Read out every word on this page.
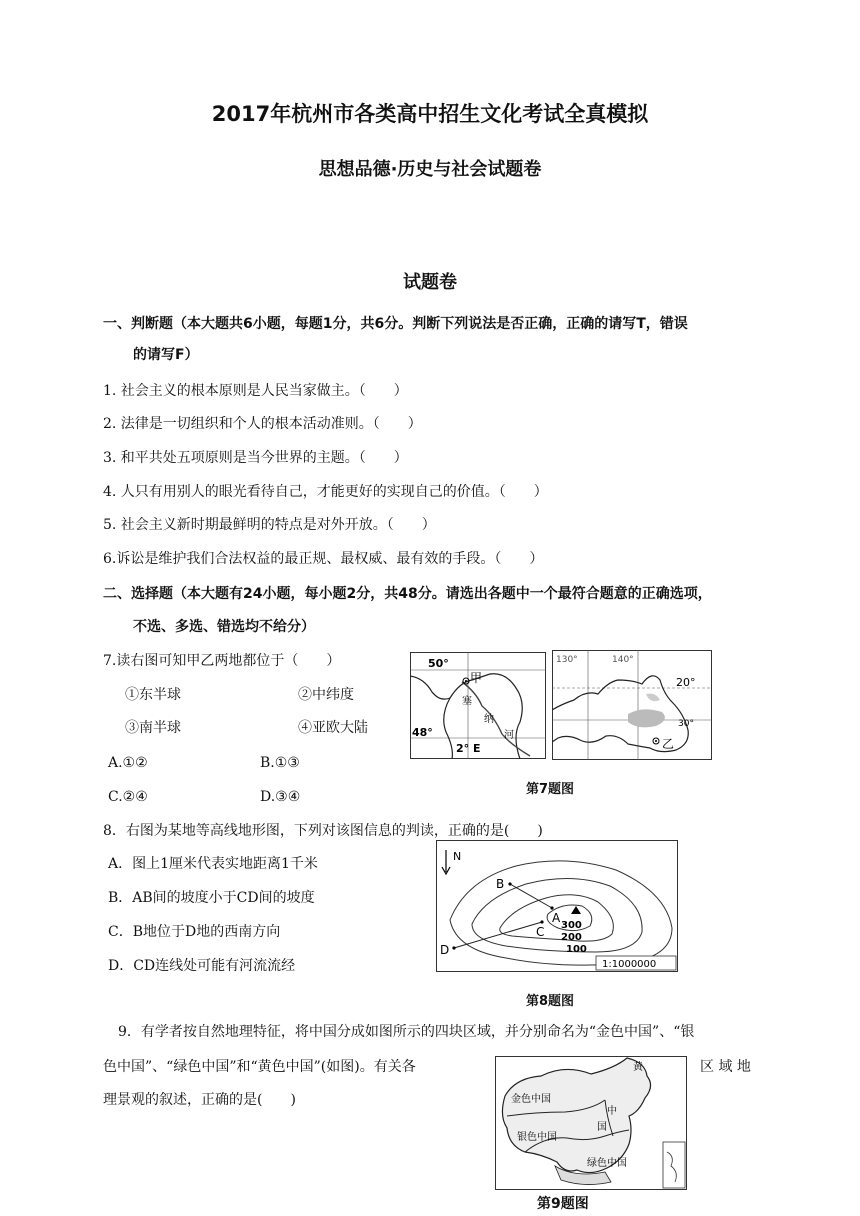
2017年杭州市各类高中招生文化考试全真模拟
思想品德·历史与社会试题卷
试题卷
一、判断题（本大题共6小题，每题1分，共6分。判断下列说法是否正确，正确的请写T，错误
的请写F）
1. 社会主义的根本原则是人民当家做主。（　　）
2. 法律是一切组织和个人的根本活动准则。（　　）
3. 和平共处五项原则是当今世界的主题。（　　）
4. 人只有用别人的眼光看待自己，才能更好的实现自己的价值。（　　）
5. 社会主义新时期最鲜明的特点是对外开放。（　　）
6.诉讼是维护我们合法权益的最正规、最权威、最有效的手段。（　　）
二、选择题（本大题有24小题，每小题2分，共48分。请选出各题中一个最符合题意的正确选项，
不选、多选、错选均不给分）
7.读右图可知甲乙两地都位于（　　）
①东半球	②中纬度
③南半球	④亚欧大陆
A.①②	B.①③
C.②④	D.③④
50°
48°
2° E
甲
塞
纳
河
130°	140°
20°
30°
乙
第7题图
8．右图为某地等高线地形图，下列对该图信息的判读，正确的是(　　)
A．图上1厘米代表实地距离1千米
B．AB间的坡度小于CD间的坡度
C．B地位于D地的西南方向
D．CD连线处可能有河流流经
N
B
A
C
D
300
200
100
1:1000000
第8题图
9．有学者按自然地理特征，将中国分成如图所示的四块区域，并分别命名为“金色中国”、“银
色中国”、“绿色中国”和“黄色中国”(如图)。有关各	区 域 地
理景观的叙述，正确的是(　　)	金色中国
银色中国
绿色中国
黄
中
国
第9题图
